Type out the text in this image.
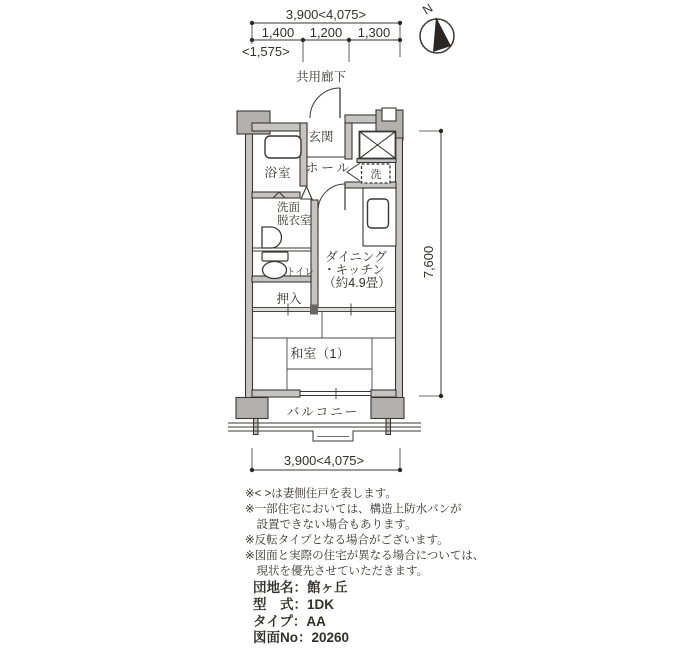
3,900<4,075>
1,400 1,200 1,300
<1,575>
N
共用廊下
7,600
3,900<4,075>
玄関
浴室 ホール 洗
洗面
脱衣室
トイレ
押入
ダイニング
・キッチン
（約4.9畳）
和室（1）
バルコニー
※< >は妻側住戸を表します。
※一部住宅においては、構造上防水パンが
　設置できない場合もあります。
※反転タイプとなる場合がございます。
※図面と実際の住宅が異なる場合については、
　現状を優先させていただきます。
団地名：館ヶ丘
型　式：1DK
タイプ：AA
図面No：20260
